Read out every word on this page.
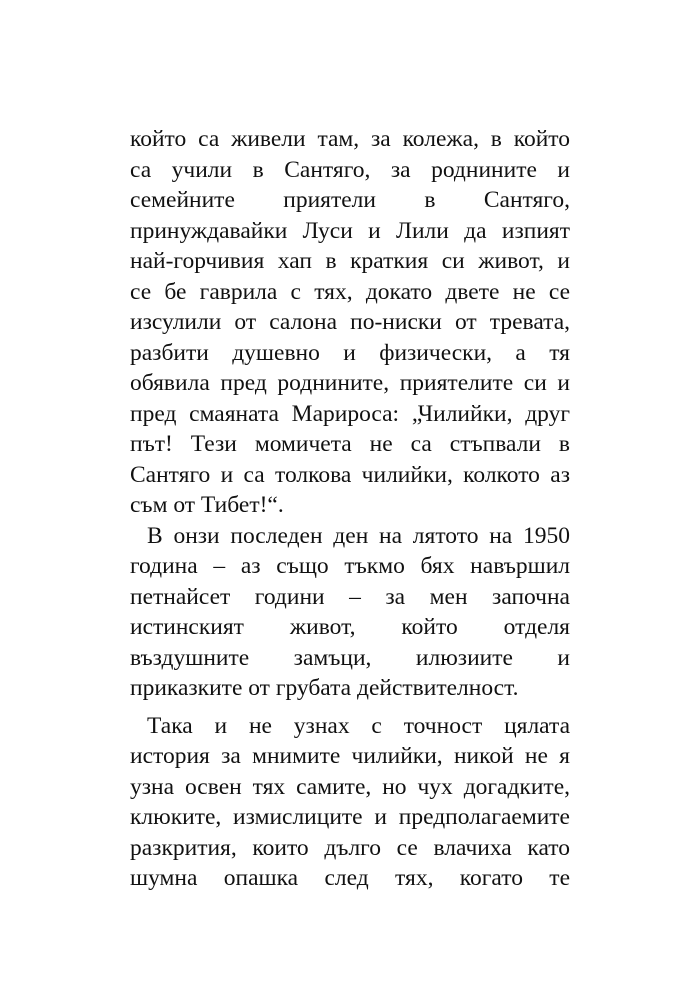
който са живели там, за колежа, в който
са учили в Сантяго, за роднините и
семейните приятели в Сантяго,
принуждавайки Луси и Лили да изпият
най-горчивия хап в краткия си живот, и
се бе гаврила с тях, докато двете не се
изсулили от салона по-ниски от тревата,
разбити душевно и физически, а тя
обявила пред роднините, приятелите си и
пред смаяната Марироса: „Чилийки, друг
път! Тези момичета не са стъпвали в
Сантяго и са толкова чилийки, колкото аз
съм от Тибет!“.
В онзи последен ден на лятото на 1950
година – аз също тъкмо бях навършил
петнайсет години – за мен започна
истинският живот, който отделя
въздушните замъци, илюзиите и
приказките от грубата действителност.
Така и не узнах с точност цялата
история за мнимите чилийки, никой не я
узна освен тях самите, но чух догадките,
клюките, измислиците и предполагаемите
разкрития, които дълго се влачиха като
шумна опашка след тях, когато те
